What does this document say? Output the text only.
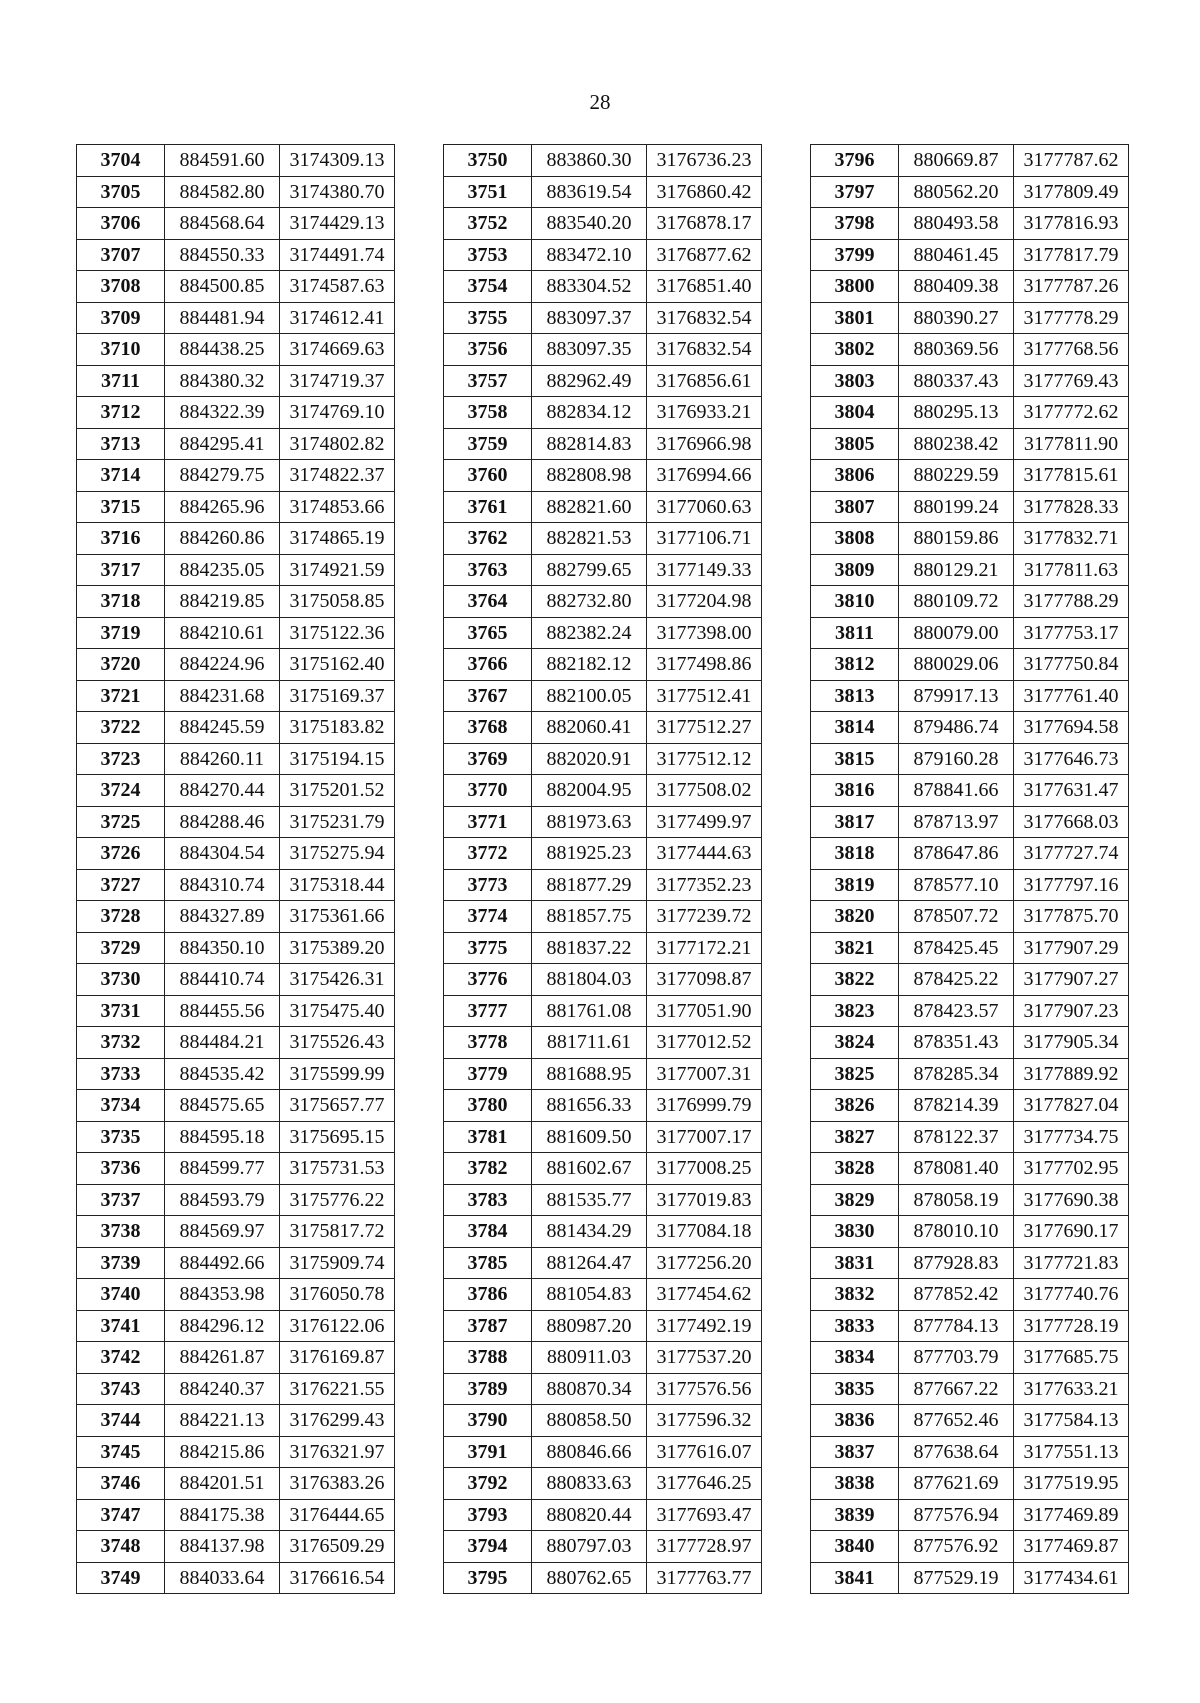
28
3704	884591.60	3174309.13
3705	884582.80	3174380.70
3706	884568.64	3174429.13
3707	884550.33	3174491.74
3708	884500.85	3174587.63
3709	884481.94	3174612.41
3710	884438.25	3174669.63
3711	884380.32	3174719.37
3712	884322.39	3174769.10
3713	884295.41	3174802.82
3714	884279.75	3174822.37
3715	884265.96	3174853.66
3716	884260.86	3174865.19
3717	884235.05	3174921.59
3718	884219.85	3175058.85
3719	884210.61	3175122.36
3720	884224.96	3175162.40
3721	884231.68	3175169.37
3722	884245.59	3175183.82
3723	884260.11	3175194.15
3724	884270.44	3175201.52
3725	884288.46	3175231.79
3726	884304.54	3175275.94
3727	884310.74	3175318.44
3728	884327.89	3175361.66
3729	884350.10	3175389.20
3730	884410.74	3175426.31
3731	884455.56	3175475.40
3732	884484.21	3175526.43
3733	884535.42	3175599.99
3734	884575.65	3175657.77
3735	884595.18	3175695.15
3736	884599.77	3175731.53
3737	884593.79	3175776.22
3738	884569.97	3175817.72
3739	884492.66	3175909.74
3740	884353.98	3176050.78
3741	884296.12	3176122.06
3742	884261.87	3176169.87
3743	884240.37	3176221.55
3744	884221.13	3176299.43
3745	884215.86	3176321.97
3746	884201.51	3176383.26
3747	884175.38	3176444.65
3748	884137.98	3176509.29
3749	884033.64	3176616.54
3750	883860.30	3176736.23
3751	883619.54	3176860.42
3752	883540.20	3176878.17
3753	883472.10	3176877.62
3754	883304.52	3176851.40
3755	883097.37	3176832.54
3756	883097.35	3176832.54
3757	882962.49	3176856.61
3758	882834.12	3176933.21
3759	882814.83	3176966.98
3760	882808.98	3176994.66
3761	882821.60	3177060.63
3762	882821.53	3177106.71
3763	882799.65	3177149.33
3764	882732.80	3177204.98
3765	882382.24	3177398.00
3766	882182.12	3177498.86
3767	882100.05	3177512.41
3768	882060.41	3177512.27
3769	882020.91	3177512.12
3770	882004.95	3177508.02
3771	881973.63	3177499.97
3772	881925.23	3177444.63
3773	881877.29	3177352.23
3774	881857.75	3177239.72
3775	881837.22	3177172.21
3776	881804.03	3177098.87
3777	881761.08	3177051.90
3778	881711.61	3177012.52
3779	881688.95	3177007.31
3780	881656.33	3176999.79
3781	881609.50	3177007.17
3782	881602.67	3177008.25
3783	881535.77	3177019.83
3784	881434.29	3177084.18
3785	881264.47	3177256.20
3786	881054.83	3177454.62
3787	880987.20	3177492.19
3788	880911.03	3177537.20
3789	880870.34	3177576.56
3790	880858.50	3177596.32
3791	880846.66	3177616.07
3792	880833.63	3177646.25
3793	880820.44	3177693.47
3794	880797.03	3177728.97
3795	880762.65	3177763.77
3796	880669.87	3177787.62
3797	880562.20	3177809.49
3798	880493.58	3177816.93
3799	880461.45	3177817.79
3800	880409.38	3177787.26
3801	880390.27	3177778.29
3802	880369.56	3177768.56
3803	880337.43	3177769.43
3804	880295.13	3177772.62
3805	880238.42	3177811.90
3806	880229.59	3177815.61
3807	880199.24	3177828.33
3808	880159.86	3177832.71
3809	880129.21	3177811.63
3810	880109.72	3177788.29
3811	880079.00	3177753.17
3812	880029.06	3177750.84
3813	879917.13	3177761.40
3814	879486.74	3177694.58
3815	879160.28	3177646.73
3816	878841.66	3177631.47
3817	878713.97	3177668.03
3818	878647.86	3177727.74
3819	878577.10	3177797.16
3820	878507.72	3177875.70
3821	878425.45	3177907.29
3822	878425.22	3177907.27
3823	878423.57	3177907.23
3824	878351.43	3177905.34
3825	878285.34	3177889.92
3826	878214.39	3177827.04
3827	878122.37	3177734.75
3828	878081.40	3177702.95
3829	878058.19	3177690.38
3830	878010.10	3177690.17
3831	877928.83	3177721.83
3832	877852.42	3177740.76
3833	877784.13	3177728.19
3834	877703.79	3177685.75
3835	877667.22	3177633.21
3836	877652.46	3177584.13
3837	877638.64	3177551.13
3838	877621.69	3177519.95
3839	877576.94	3177469.89
3840	877576.92	3177469.87
3841	877529.19	3177434.61
